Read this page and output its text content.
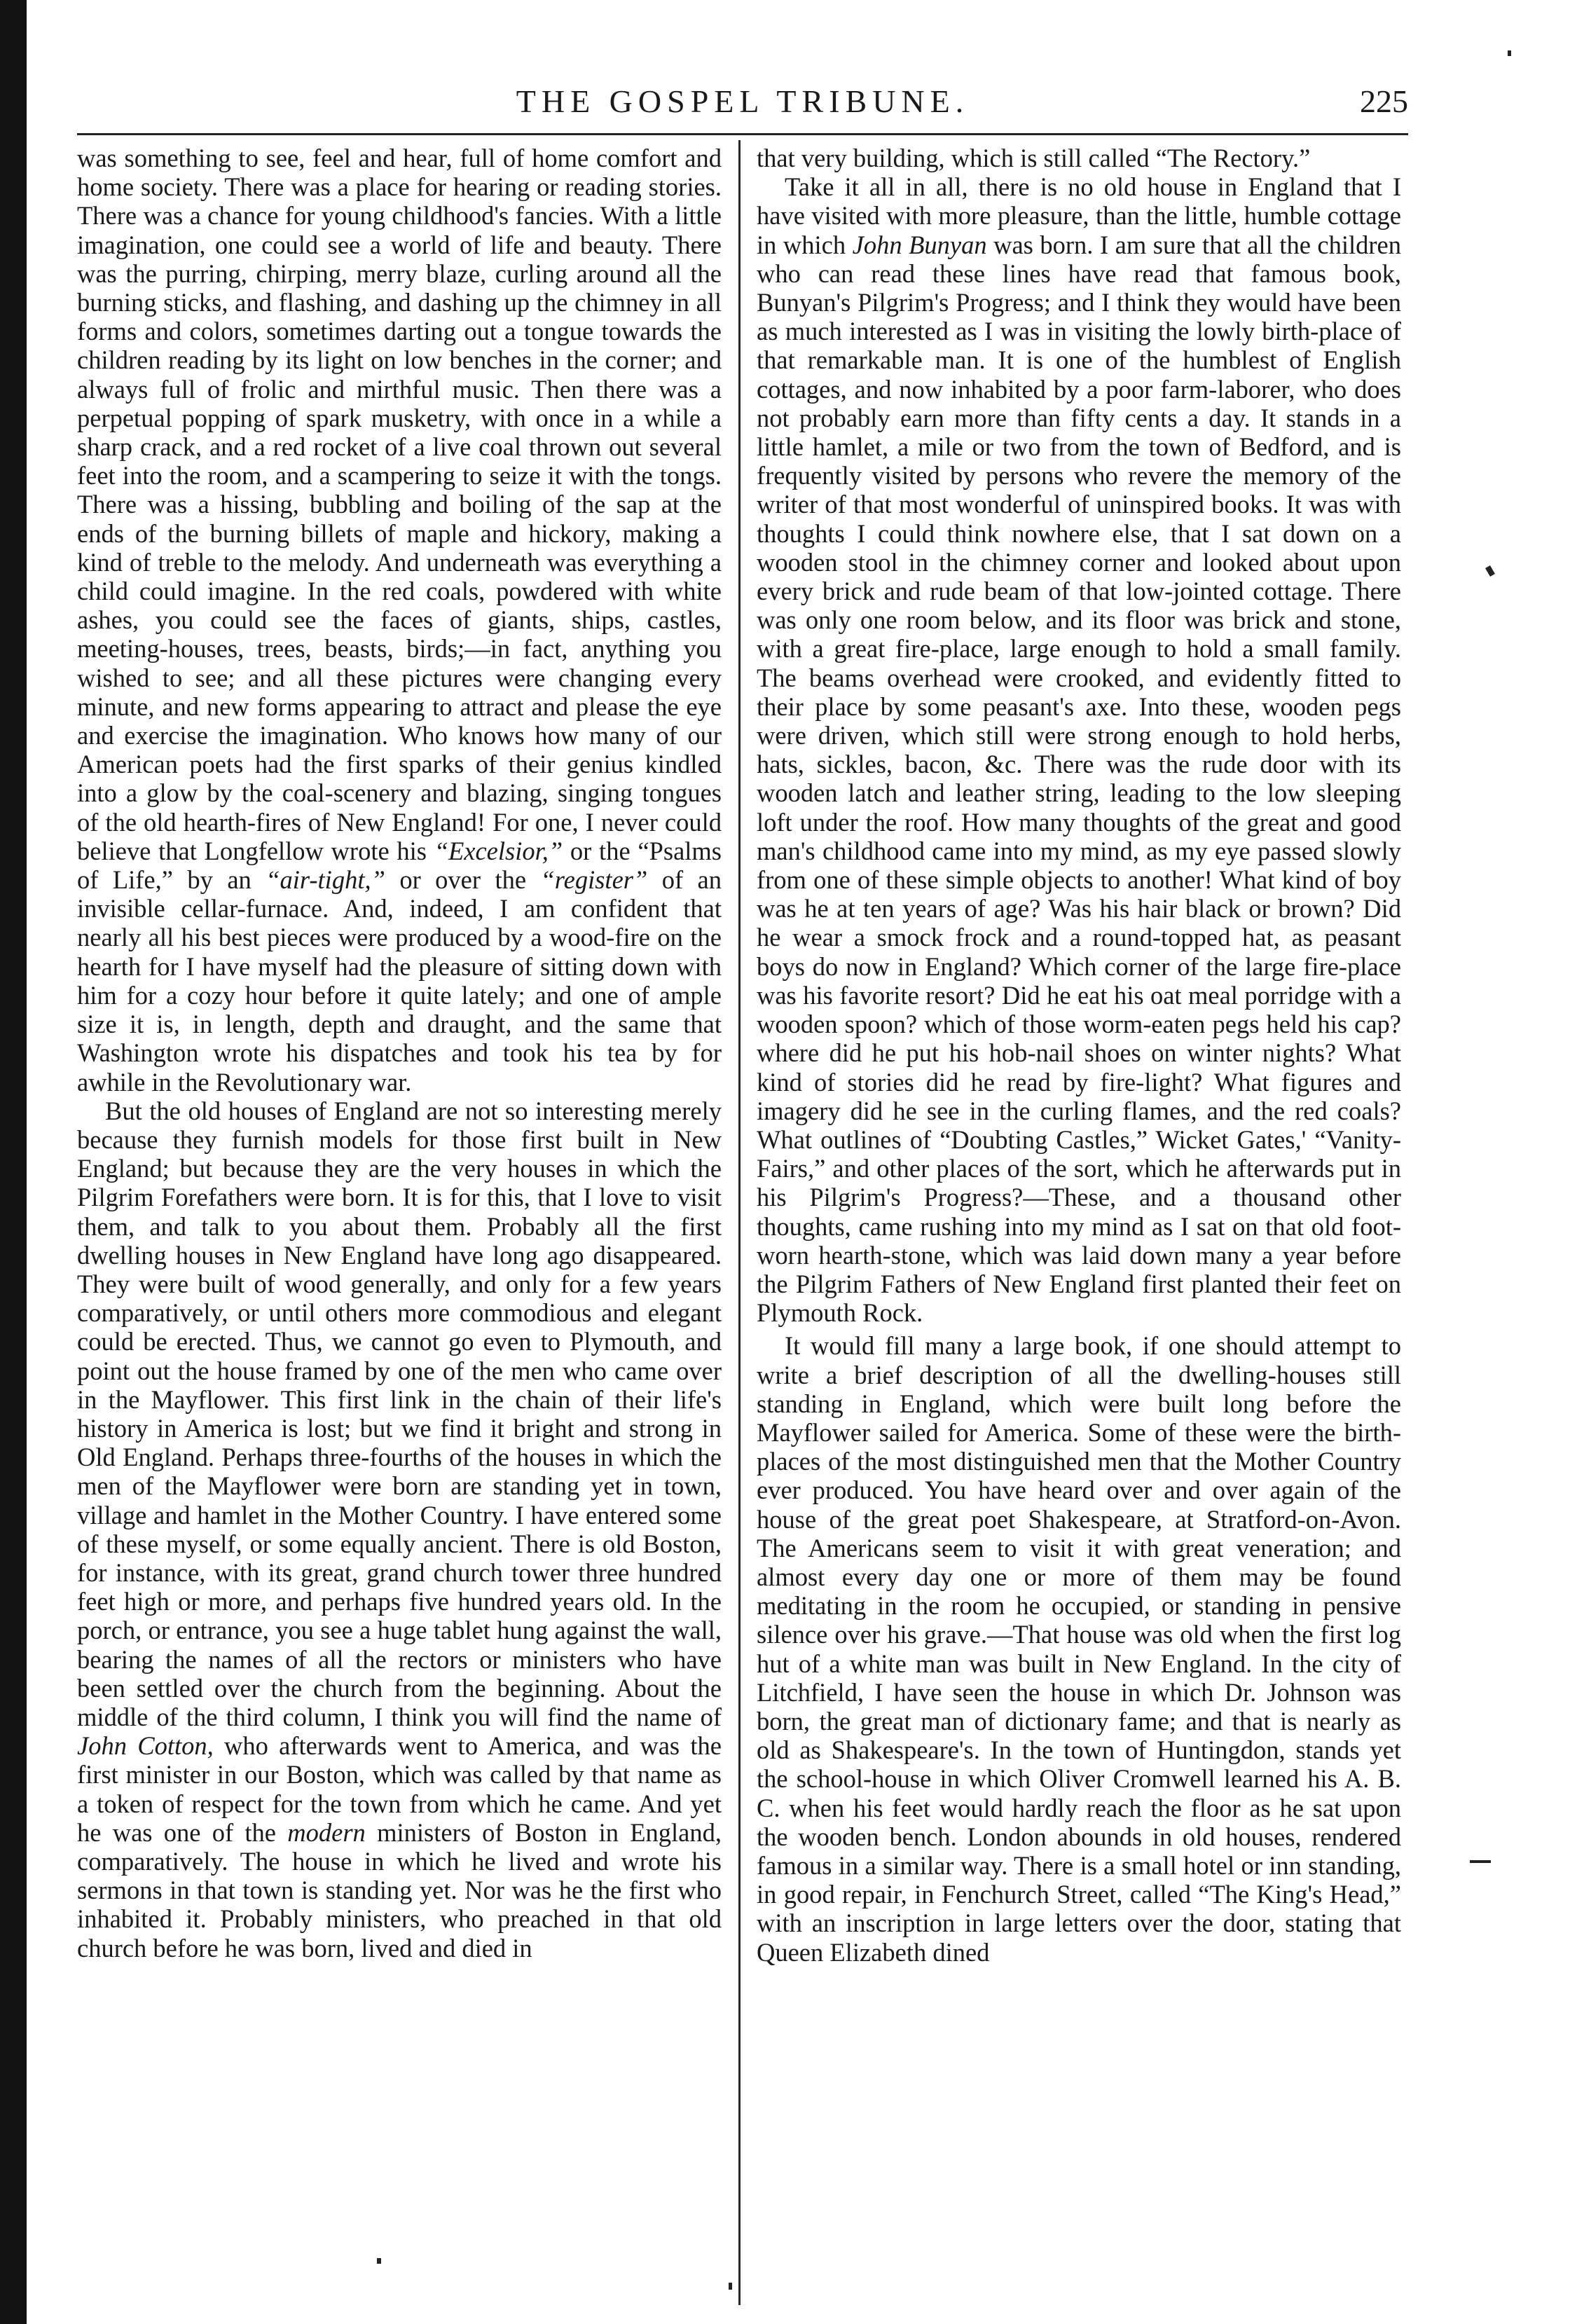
THE GOSPEL TRIBUNE.	225

was something to see, feel and hear, full of home comfort and home society. There was a place for hearing or reading stories. There was a chance for young childhood's fancies. With a little imagination, one could see a world of life and beauty. There was the purring, chirping, merry blaze, curling around all the burning sticks, and flashing, and dashing up the chimney in all forms and colors, sometimes darting out a tongue towards the children reading by its light on low benches in the corner; and always full of frolic and mirthful music. Then there was a perpetual popping of spark musketry, with once in a while a sharp crack, and a red rocket of a live coal thrown out several feet into the room, and a scampering to seize it with the tongs. There was a hissing, bubbling and boiling of the sap at the ends of the burning billets of maple and hickory, making a kind of treble to the melody. And underneath was everything a child could imagine. In the red coals, powdered with white ashes, you could see the faces of giants, ships, castles, meeting-houses, trees, beasts, birds;—in fact, anything you wished to see; and all these pictures were changing every minute, and new forms appearing to attract and please the eye and exercise the imagination. Who knows how many of our American poets had the first sparks of their genius kindled into a glow by the coal-scenery and blazing, singing tongues of the old hearth-fires of New England! For one, I never could believe that Longfellow wrote his “Excelsior,” or the “Psalms of Life,” by an “air-tight,” or over the “register” of an invisible cellar-furnace. And, indeed, I am confident that nearly all his best pieces were produced by a wood-fire on the hearth for I have myself had the pleasure of sitting down with him for a cozy hour before it quite lately; and one of ample size it is, in length, depth and draught, and the same that Washington wrote his dispatches and took his tea by for awhile in the Revolutionary war.

But the old houses of England are not so interesting merely because they furnish models for those first built in New England; but because they are the very houses in which the Pilgrim Forefathers were born. It is for this, that I love to visit them, and talk to you about them. Probably all the first dwelling houses in New England have long ago disappeared. They were built of wood generally, and only for a few years comparatively, or until others more commodious and elegant could be erected. Thus, we cannot go even to Plymouth, and point out the house framed by one of the men who came over in the Mayflower. This first link in the chain of their life's history in America is lost; but we find it bright and strong in Old England. Perhaps three-fourths of the houses in which the men of the Mayflower were born are standing yet in town, village and hamlet in the Mother Country. I have entered some of these myself, or some equally ancient. There is old Boston, for instance, with its great, grand church tower three hundred feet high or more, and perhaps five hundred years old. In the porch, or entrance, you see a huge tablet hung against the wall, bearing the names of all the rectors or ministers who have been settled over the church from the beginning. About the middle of the third column, I think you will find the name of John Cotton, who afterwards went to America, and was the first minister in our Boston, which was called by that name as a token of respect for the town from which he came. And yet he was one of the modern ministers of Boston in England, comparatively. The house in which he lived and wrote his sermons in that town is standing yet. Nor was he the first who inhabited it. Probably ministers, who preached in that old church before he was born, lived and died in

that very building, which is still called “The Rectory.”

Take it all in all, there is no old house in England that I have visited with more pleasure, than the little, humble cottage in which John Bunyan was born. I am sure that all the children who can read these lines have read that famous book, Bunyan's Pilgrim's Progress; and I think they would have been as much interested as I was in visiting the lowly birth-place of that remarkable man. It is one of the humblest of English cottages, and now inhabited by a poor farm-laborer, who does not probably earn more than fifty cents a day. It stands in a little hamlet, a mile or two from the town of Bedford, and is frequently visited by persons who revere the memory of the writer of that most wonderful of uninspired books. It was with thoughts I could think nowhere else, that I sat down on a wooden stool in the chimney corner and looked about upon every brick and rude beam of that low-jointed cottage. There was only one room below, and its floor was brick and stone, with a great fire-place, large enough to hold a small family. The beams overhead were crooked, and evidently fitted to their place by some peasant's axe. Into these, wooden pegs were driven, which still were strong enough to hold herbs, hats, sickles, bacon, &c. There was the rude door with its wooden latch and leather string, leading to the low sleeping loft under the roof. How many thoughts of the great and good man's childhood came into my mind, as my eye passed slowly from one of these simple objects to another! What kind of boy was he at ten years of age? Was his hair black or brown? Did he wear a smock frock and a round-topped hat, as peasant boys do now in England? Which corner of the large fire-place was his favorite resort? Did he eat his oat meal porridge with a wooden spoon? which of those worm-eaten pegs held his cap? where did he put his hob-nail shoes on winter nights? What kind of stories did he read by fire-light? What figures and imagery did he see in the curling flames, and the red coals? What outlines of “Doubting Castles,” Wicket Gates,' “Vanity-Fairs,” and other places of the sort, which he afterwards put in his Pilgrim's Progress?—These, and a thousand other thoughts, came rushing into my mind as I sat on that old foot-worn hearth-stone, which was laid down many a year before the Pilgrim Fathers of New England first planted their feet on Plymouth Rock.

It would fill many a large book, if one should attempt to write a brief description of all the dwelling-houses still standing in England, which were built long before the Mayflower sailed for America. Some of these were the birth-places of the most distinguished men that the Mother Country ever produced. You have heard over and over again of the house of the great poet Shakespeare, at Stratford-on-Avon. The Americans seem to visit it with great veneration; and almost every day one or more of them may be found meditating in the room he occupied, or standing in pensive silence over his grave.—That house was old when the first log hut of a white man was built in New England. In the city of Litchfield, I have seen the house in which Dr. Johnson was born, the great man of dictionary fame; and that is nearly as old as Shakespeare's. In the town of Huntingdon, stands yet the school-house in which Oliver Cromwell learned his A. B. C. when his feet would hardly reach the floor as he sat upon the wooden bench. London abounds in old houses, rendered famous in a similar way. There is a small hotel or inn standing, in good repair, in Fenchurch Street, called “The King's Head,” with an inscription in large letters over the door, stating that Queen Elizabeth dined
